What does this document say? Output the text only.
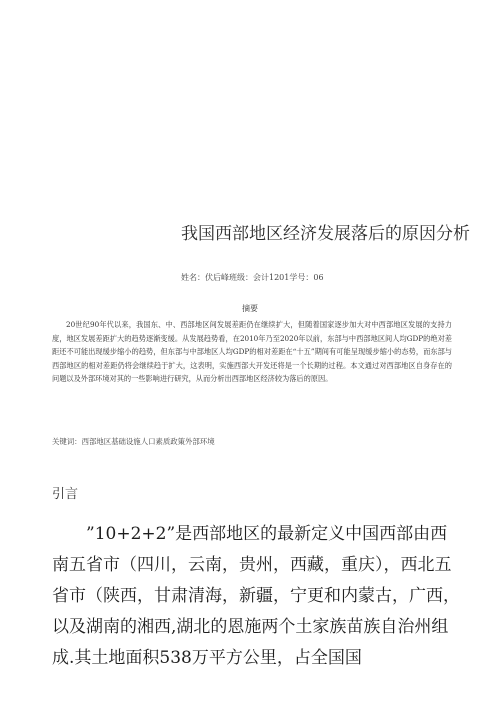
我国西部地区经济发展落后的原因分析
姓名：伏后峰班级：会计1201学号：06
摘要

20世纪90年代以来，我国东、中、西部地区间发展差距仍在继续扩大，但随着国家逐步加大对中西部地区发展的支持力度，地区发展差距扩大的趋势逐渐变缓。从发展趋势看，在2010年乃至2020年以前，东部与中西部地区间人均GDP的绝对差距还不可能出现缓步缩小的趋势，但东部与中部地区人均GDP的相对差距在“十五”期间有可能呈现缓步缩小的态势，而东部与西部地区的相对差距仍将会继续趋于扩大，这表明，实施西部大开发还将是一个长期的过程。本文通过对西部地区自身存在的问题以及外部环境对其的一些影响进行研究，从而分析出西部地区经济较为落后的原因。

关键词：西部地区基础设施人口素质政策外部环境
引言

”10+2+2”是西部地区的最新定义中国西部由西南五省市（四川，云南，贵州，西藏，重庆），西北五省市（陕西，甘肃清海，新疆，宁更和内蒙古，广西，以及湖南的湘西,湖北的恩施两个土家族苗族自治州组成.其土地面积538万平方公里，占全国国
